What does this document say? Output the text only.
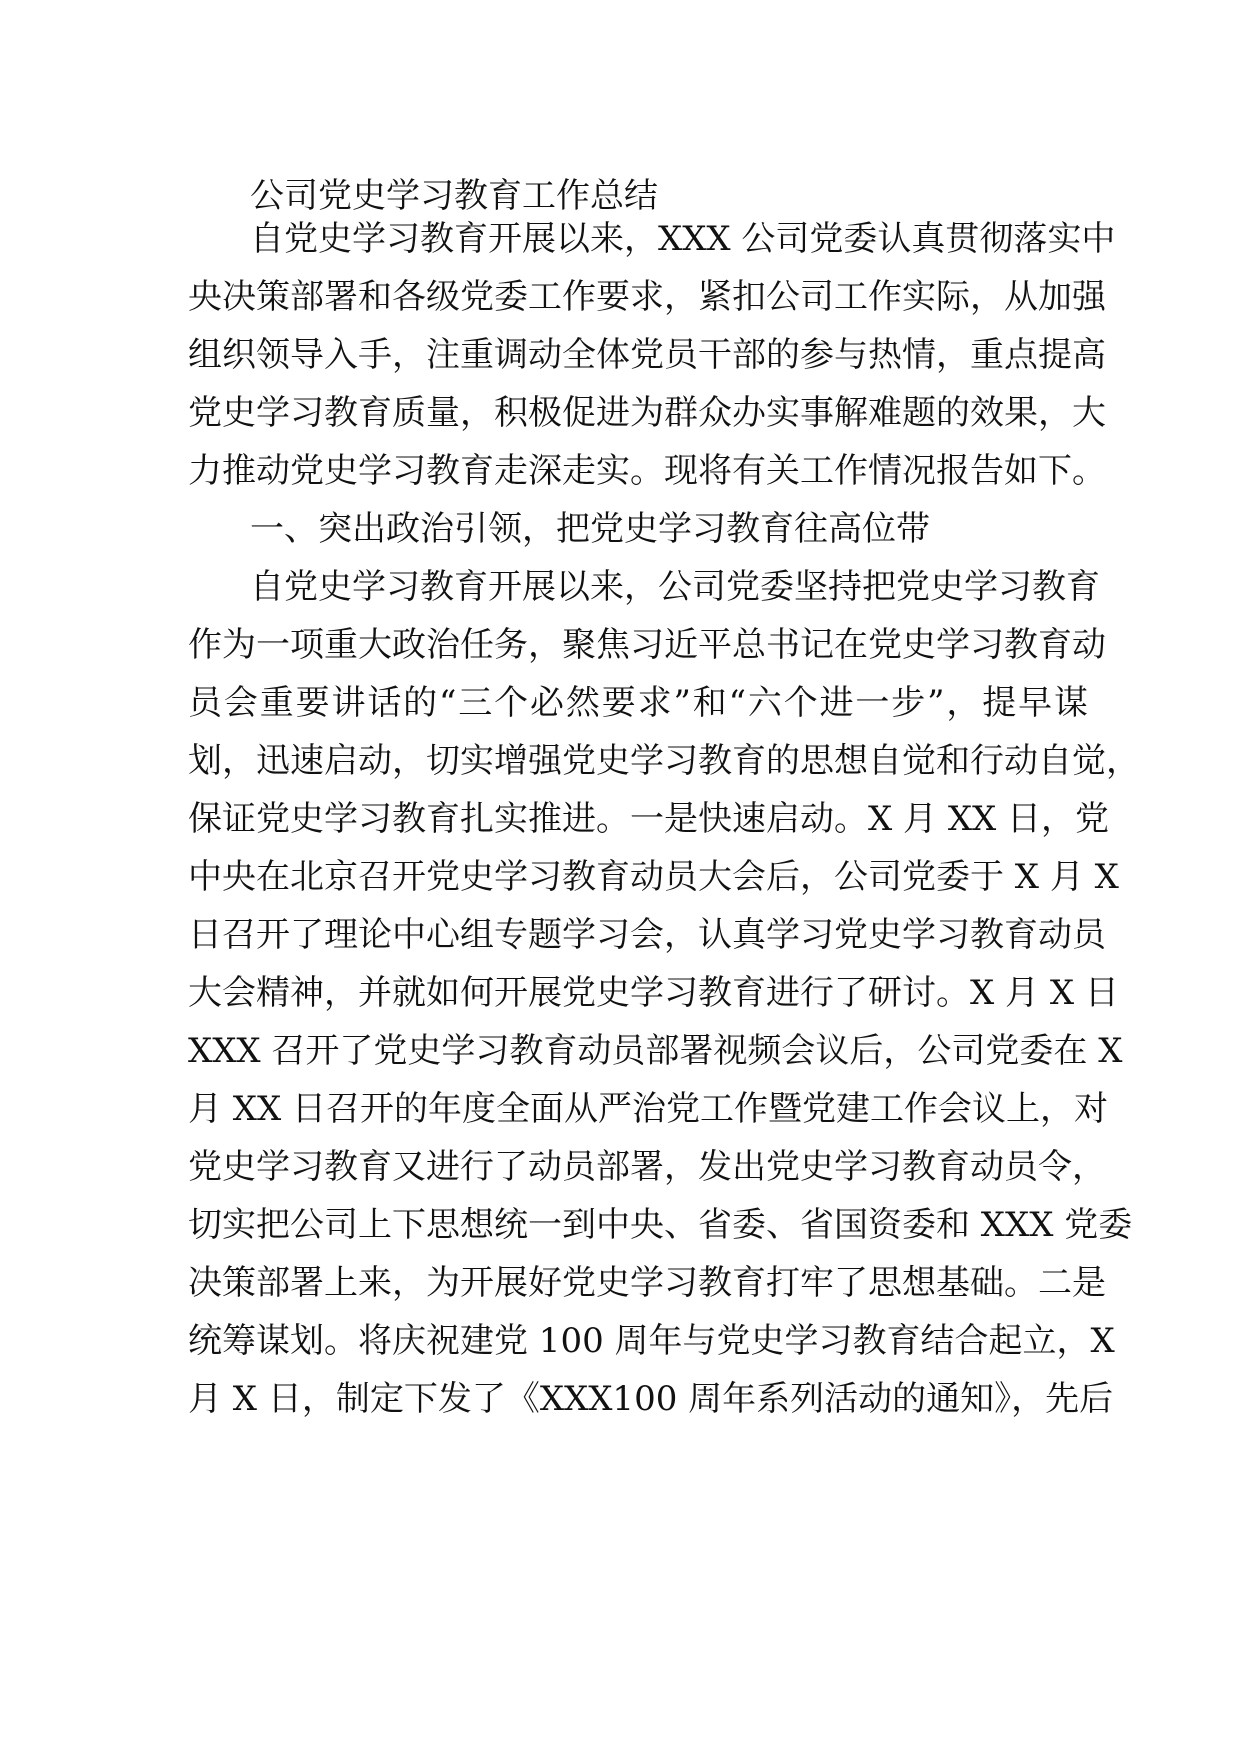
公司党史学习教育工作总结
自党史学习教育开展以来，XXX 公司党委认真贯彻落实中
央决策部署和各级党委工作要求，紧扣公司工作实际，从加强
组织领导入手，注重调动全体党员干部的参与热情，重点提高
党史学习教育质量，积极促进为群众办实事解难题的效果，大
力推动党史学习教育走深走实。现将有关工作情况报告如下。
一、突出政治引领，把党史学习教育往高位带
自党史学习教育开展以来，公司党委坚持把党史学习教育
作为一项重大政治任务，聚焦习近平总书记在党史学习教育动
员会重要讲话的“三个必然要求”和“六个进一步”，提早谋
划，迅速启动，切实增强党史学习教育的思想自觉和行动自觉，
保证党史学习教育扎实推进。一是快速启动。X 月 XX 日，党
中央在北京召开党史学习教育动员大会后，公司党委于 X 月 X
日召开了理论中心组专题学习会，认真学习党史学习教育动员
大会精神，并就如何开展党史学习教育进行了研讨。X 月 X 日
XXX 召开了党史学习教育动员部署视频会议后，公司党委在 X
月 XX 日召开的年度全面从严治党工作暨党建工作会议上，对
党史学习教育又进行了动员部署，发出党史学习教育动员令，
切实把公司上下思想统一到中央、省委、省国资委和 XXX 党委
决策部署上来，为开展好党史学习教育打牢了思想基础。二是
统筹谋划。将庆祝建党 100 周年与党史学习教育结合起立，X
月 X 日，制定下发了《XXX100 周年系列活动的通知》，先后
